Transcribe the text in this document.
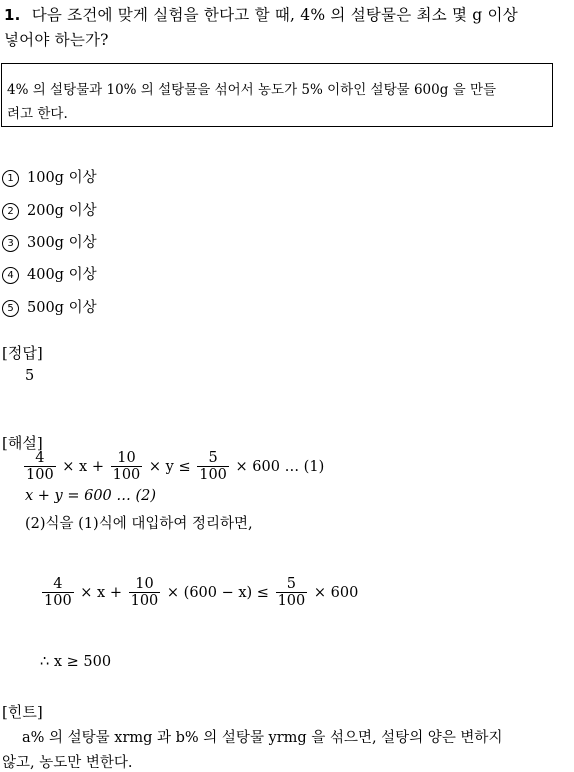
1. 다음 조건에 맞게 실험을 한다고 할 때, 4% 의 설탕물은 최소 몇 g 이상
넣어야 하는가?
4% 의 설탕물과 10% 의 설탕물을 섞어서 농도가 5% 이하인 설탕물 600g 을 만들
려고 한다.
1 100g 이상
2 200g 이상
3 300g 이상
4 400g 이상
5 500g 이상
[정답]
5
[해설]
$\frac{4}{100} \times x + \frac{10}{100} \times y \le \frac{5}{100} \times 600$ … (1)
x + y = 600 … (2)
(2)식을 (1)식에 대입하여 정리하면,
$\frac{4}{100} \times x + \frac{10}{100} \times (600 - x) \le \frac{5}{100} \times 600$
∴ x ≥ 500
[힌트]
a% 의 설탕물 xrmg 과 b% 의 설탕물 yrmg 을 섞으면, 설탕의 양은 변하지
않고, 농도만 변한다.
